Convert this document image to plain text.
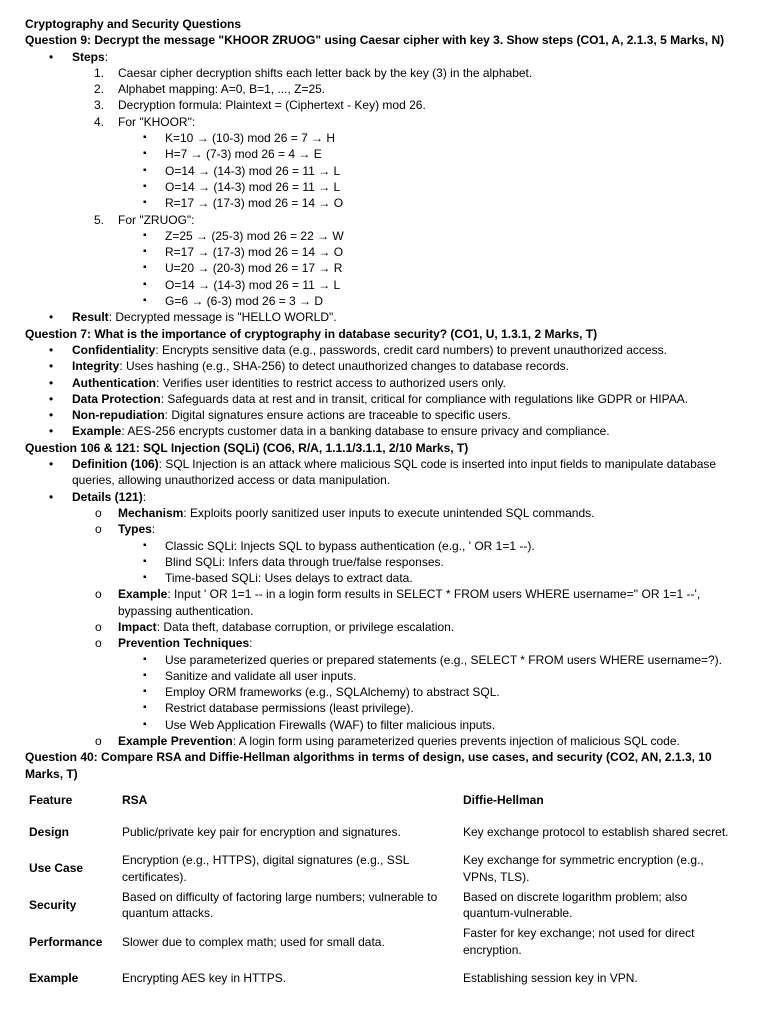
Cryptography and Security Questions
Question 9: Decrypt the message "KHOOR ZRUOG" using Caesar cipher with key 3. Show steps (CO1, A, 2.1.3, 5 Marks, N)
• Steps:
1. Caesar cipher decryption shifts each letter back by the key (3) in the alphabet.
2. Alphabet mapping: A=0, B=1, ..., Z=25.
3. Decryption formula: Plaintext = (Ciphertext - Key) mod 26.
4. For "KHOOR":
▪ K=10 → (10-3) mod 26 = 7 → H
▪ H=7 → (7-3) mod 26 = 4 → E
▪ O=14 → (14-3) mod 26 = 11 → L
▪ O=14 → (14-3) mod 26 = 11 → L
▪ R=17 → (17-3) mod 26 = 14 → O
5. For "ZRUOG":
▪ Z=25 → (25-3) mod 26 = 22 → W
▪ R=17 → (17-3) mod 26 = 14 → O
▪ U=20 → (20-3) mod 26 = 17 → R
▪ O=14 → (14-3) mod 26 = 11 → L
▪ G=6 → (6-3) mod 26 = 3 → D
• Result: Decrypted message is "HELLO WORLD".
Question 7: What is the importance of cryptography in database security? (CO1, U, 1.3.1, 2 Marks, T)
• Confidentiality: Encrypts sensitive data (e.g., passwords, credit card numbers) to prevent unauthorized access.
• Integrity: Uses hashing (e.g., SHA-256) to detect unauthorized changes to database records.
• Authentication: Verifies user identities to restrict access to authorized users only.
• Data Protection: Safeguards data at rest and in transit, critical for compliance with regulations like GDPR or HIPAA.
• Non-repudiation: Digital signatures ensure actions are traceable to specific users.
• Example: AES-256 encrypts customer data in a banking database to ensure privacy and compliance.
Question 106 & 121: SQL Injection (SQLi) (CO6, R/A, 1.1.1/3.1.1, 2/10 Marks, T)
• Definition (106): SQL Injection is an attack where malicious SQL code is inserted into input fields to manipulate database queries, allowing unauthorized access or data manipulation.
• Details (121):
o Mechanism: Exploits poorly sanitized user inputs to execute unintended SQL commands.
o Types:
▪ Classic SQLi: Injects SQL to bypass authentication (e.g., ' OR 1=1 --).
▪ Blind SQLi: Infers data through true/false responses.
▪ Time-based SQLi: Uses delays to extract data.
o Example: Input ' OR 1=1 -- in a login form results in SELECT * FROM users WHERE username='' OR 1=1 --', bypassing authentication.
o Impact: Data theft, database corruption, or privilege escalation.
o Prevention Techniques:
▪ Use parameterized queries or prepared statements (e.g., SELECT * FROM users WHERE username=?).
▪ Sanitize and validate all user inputs.
▪ Employ ORM frameworks (e.g., SQLAlchemy) to abstract SQL.
▪ Restrict database permissions (least privilege).
▪ Use Web Application Firewalls (WAF) to filter malicious inputs.
o Example Prevention: A login form using parameterized queries prevents injection of malicious SQL code.
Question 40: Compare RSA and Diffie-Hellman algorithms in terms of design, use cases, and security (CO2, AN, 2.1.3, 10 Marks, T)
Feature	RSA	Diffie-Hellman
Design	Public/private key pair for encryption and signatures.	Key exchange protocol to establish shared secret.
Use Case	Encryption (e.g., HTTPS), digital signatures (e.g., SSL certificates).	Key exchange for symmetric encryption (e.g., VPNs, TLS).
Security	Based on difficulty of factoring large numbers; vulnerable to quantum attacks.	Based on discrete logarithm problem; also quantum-vulnerable.
Performance	Slower due to complex math; used for small data.	Faster for key exchange; not used for direct encryption.
Example	Encrypting AES key in HTTPS.	Establishing session key in VPN.
